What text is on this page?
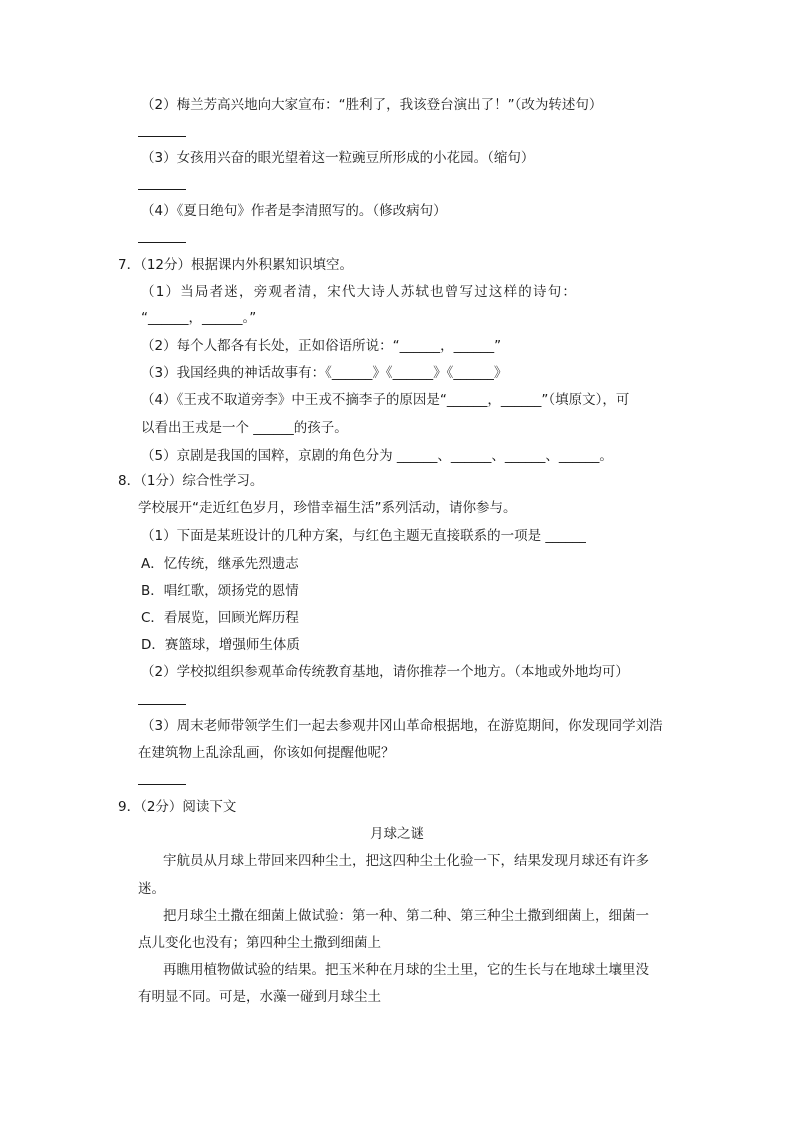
（2）梅兰芳高兴地向大家宣布：“胜利了，我该登台演出了！”（改为转述句）
（3）女孩用兴奋的眼光望着这一粒豌豆所形成的小花园。（缩句）
（4）《夏日绝句》作者是李清照写的。（修改病句）
7．（12分）根据课内外积累知识填空。
（1）当局者迷，旁观者清，宋代大诗人苏轼也曾写过这样的诗句：
“______，______。”
（2）每个人都各有长处，正如俗语所说：“______，______”
（3）我国经典的神话故事有：《______》《______》《______》
（4）《王戎不取道旁李》中王戎不摘李子的原因是“______，______”（填原文），可
以看出王戎是一个 ______的孩子。
（5）京剧是我国的国粹，京剧的角色分为 ______、______、______、______。
8．（1分）综合性学习。
学校展开“走近红色岁月，珍惜幸福生活”系列活动，请你参与。
（1）下面是某班设计的几种方案，与红色主题无直接联系的一项是 ______
A．忆传统，继承先烈遗志
B．唱红歌，颂扬党的恩情
C．看展览，回顾光辉历程
D．赛篮球，增强师生体质
（2）学校拟组织参观革命传统教育基地，请你推荐一个地方。（本地或外地均可）
（3）周末老师带领学生们一起去参观井冈山革命根据地，在游览期间，你发现同学刘浩
在建筑物上乱涂乱画，你该如何提醒他呢？
9．（2分）阅读下文
月球之谜
宇航员从月球上带回来四种尘土，把这四种尘土化验一下，结果发现月球还有许多
迷。
把月球尘土撒在细菌上做试验：第一种、第二种、第三种尘土撒到细菌上，细菌一
点儿变化也没有；第四种尘土撒到细菌上
再瞧用植物做试验的结果。把玉米种在月球的尘土里，它的生长与在地球土壤里没
有明显不同。可是，水藻一碰到月球尘土
